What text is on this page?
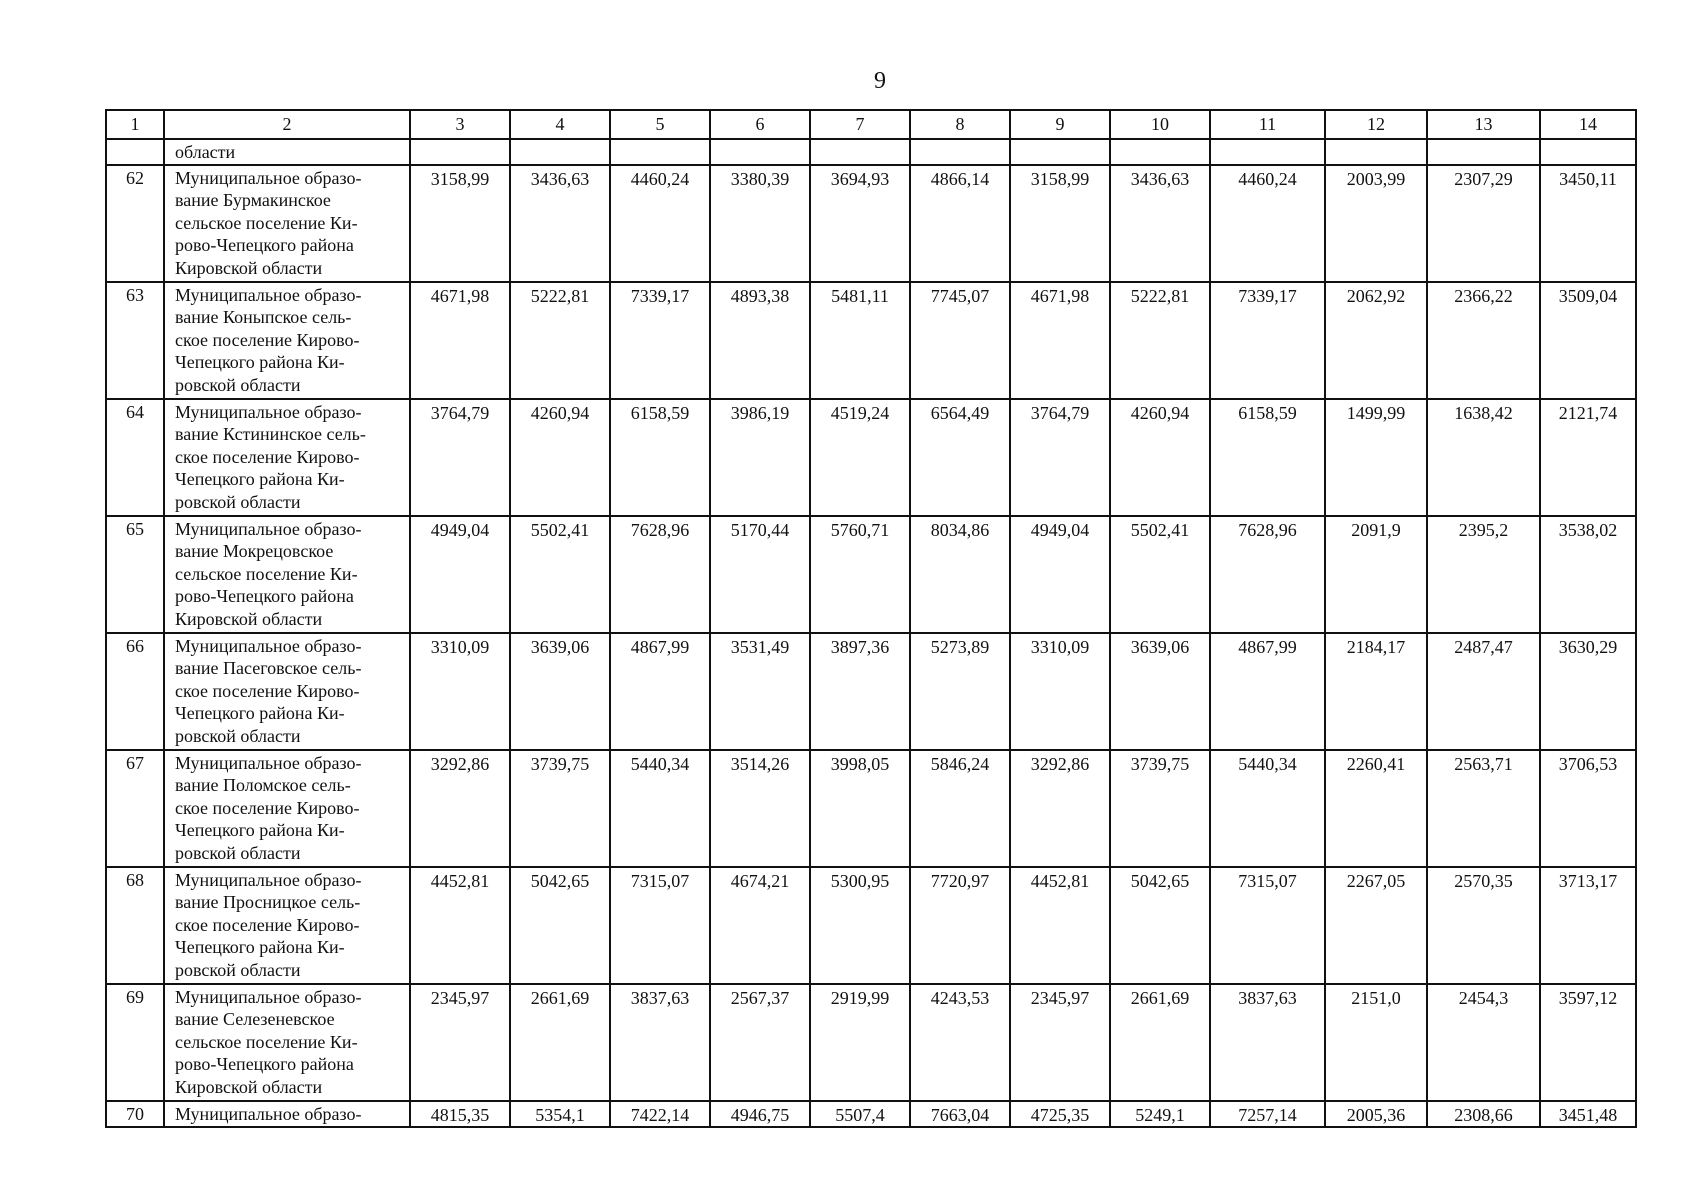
9
1	2	3	4	5	6	7	8	9	10	11	12	13	14
	области												
62	Муниципальное образо-
вание Бурмакинское
сельское поселение Ки-
рово-Чепецкого района
Кировской области	3158,99	3436,63	4460,24	3380,39	3694,93	4866,14	3158,99	3436,63	4460,24	2003,99	2307,29	3450,11
63	Муниципальное образо-
вание Коныпское сель-
ское поселение Кирово-
Чепецкого района Ки-
ровской области	4671,98	5222,81	7339,17	4893,38	5481,11	7745,07	4671,98	5222,81	7339,17	2062,92	2366,22	3509,04
64	Муниципальное образо-
вание Кстининское сель-
ское поселение Кирово-
Чепецкого района Ки-
ровской области	3764,79	4260,94	6158,59	3986,19	4519,24	6564,49	3764,79	4260,94	6158,59	1499,99	1638,42	2121,74
65	Муниципальное образо-
вание Мокрецовское
сельское поселение Ки-
рово-Чепецкого района
Кировской области	4949,04	5502,41	7628,96	5170,44	5760,71	8034,86	4949,04	5502,41	7628,96	2091,9	2395,2	3538,02
66	Муниципальное образо-
вание Пасеговское сель-
ское поселение Кирово-
Чепецкого района Ки-
ровской области	3310,09	3639,06	4867,99	3531,49	3897,36	5273,89	3310,09	3639,06	4867,99	2184,17	2487,47	3630,29
67	Муниципальное образо-
вание Поломское сель-
ское поселение Кирово-
Чепецкого района Ки-
ровской области	3292,86	3739,75	5440,34	3514,26	3998,05	5846,24	3292,86	3739,75	5440,34	2260,41	2563,71	3706,53
68	Муниципальное образо-
вание Просницкое сель-
ское поселение Кирово-
Чепецкого района Ки-
ровской области	4452,81	5042,65	7315,07	4674,21	5300,95	7720,97	4452,81	5042,65	7315,07	2267,05	2570,35	3713,17
69	Муниципальное образо-
вание Селезеневское
сельское поселение Ки-
рово-Чепецкого района
Кировской области	2345,97	2661,69	3837,63	2567,37	2919,99	4243,53	2345,97	2661,69	3837,63	2151,0	2454,3	3597,12
70	Муниципальное образо-	4815,35	5354,1	7422,14	4946,75	5507,4	7663,04	4725,35	5249,1	7257,14	2005,36	2308,66	3451,48
